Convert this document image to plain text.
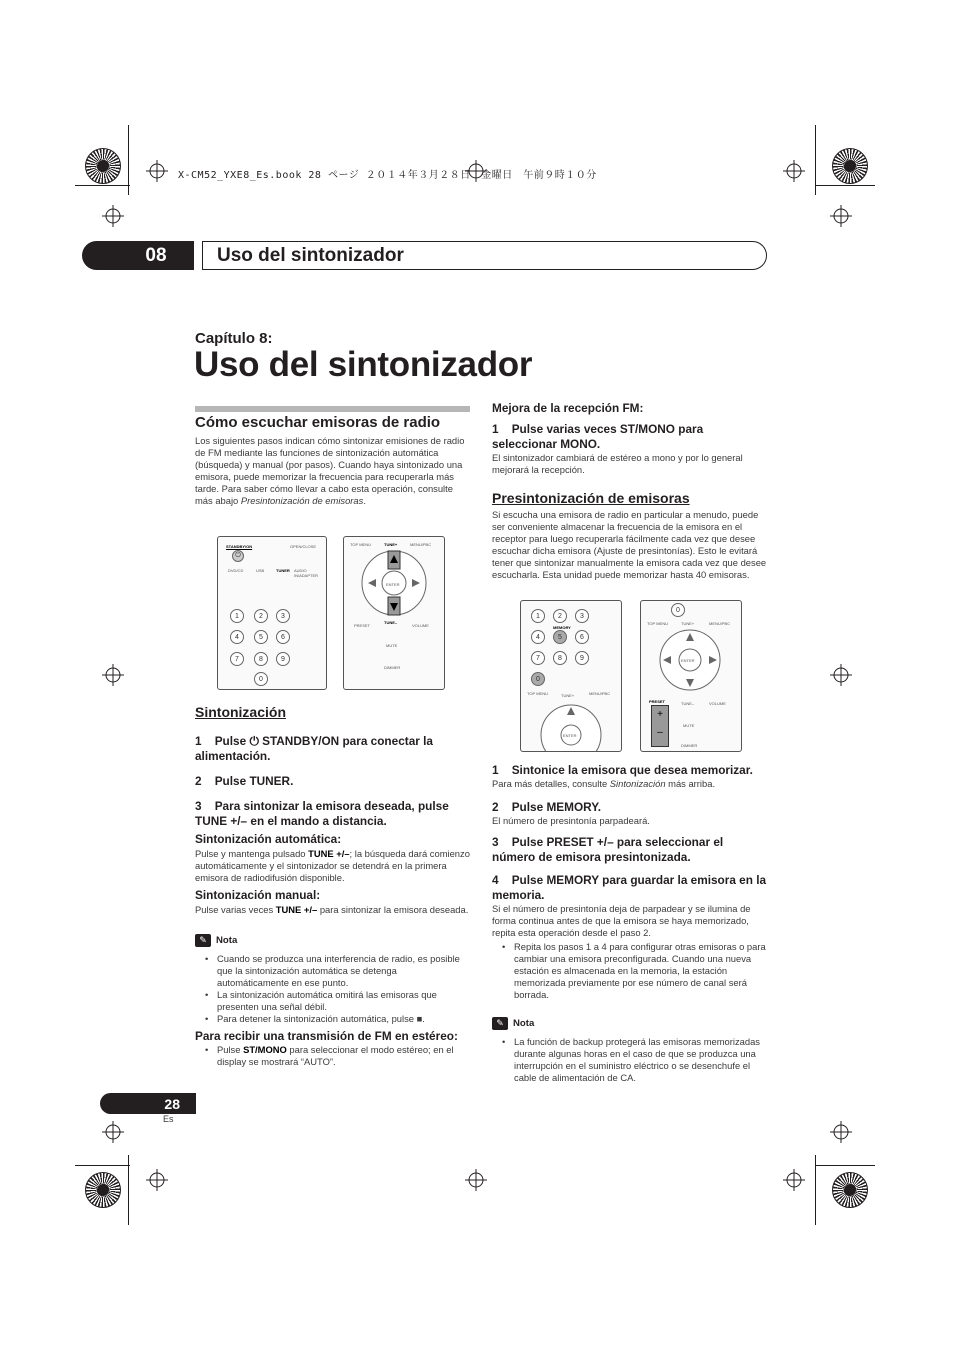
X-CM52_YXE8_Es.book 28 ページ ２０１４年３月２８日　金曜日　午前９時１０分
08	Uso del sintonizador
Capítulo 8:
Uso del sintonizador
Cómo escuchar emisoras de radio
Los siguientes pasos indican cómo sintonizar emisiones de radio de FM mediante las funciones de sintonización automática (búsqueda) y manual (por pasos). Cuando haya sintonizado una emisora, puede memorizar la frecuencia para recuperarla más tarde. Para saber cómo llevar a cabo esta operación, consulte más abajo Presintonización de emisoras.
STANDBY/ON	OPEN/CLOSE
⏻
DVD/CD	USB	TUNER AUDIO IN/ADAPTER
1	2	3
4	5	6
7	8	9
0
TOP MENU	TUNE+	MENU/PBC
ENTER
TUNE–
PRESET	VOLUME
MUTE
DIMMER
Sintonización
1 Pulse ⏻ STANDBY/ON para conectar la alimentación.
2 Pulse TUNER.
3 Para sintonizar la emisora deseada, pulse TUNE +/– en el mando a distancia.
Sintonización automática:
Pulse y mantenga pulsado TUNE +/–; la búsqueda dará comienzo automáticamente y el sintonizador se detendrá en la primera emisora de radiodifusión disponible.
Sintonización manual:
Pulse varias veces TUNE +/– para sintonizar la emisora deseada.
✎ Nota
• Cuando se produzca una interferencia de radio, es posible que la sintonización automática se detenga automáticamente en ese punto.
• La sintonización automática omitirá las emisoras que presenten una señal débil.
• Para detener la sintonización automática, pulse ■.
Para recibir una transmisión de FM en estéreo:
• Pulse ST/MONO para seleccionar el modo estéreo; en el display se mostrará “AUTO”.
Mejora de la recepción FM:
1 Pulse varias veces ST/MONO para seleccionar MONO.
El sintonizador cambiará de estéreo a mono y por lo general mejorará la recepción.
Presintonización de emisoras
Si escucha una emisora de radio en particular a menudo, puede ser conveniente almacenar la frecuencia de la emisora en el receptor para luego recuperarla fácilmente cada vez que desee escuchar dicha emisora (Ajuste de presintonías). Esto le evitará tener que sintonizar manualmente la emisora cada vez que desee escucharla. Esta unidad puede memorizar hasta 40 emisoras.
1	2	3
4	5
MEMORY
6
7	8	9
0
TOP MENU	TUNE+	MENU/PBC
ENTER
0
TOP MENU	TUNE+	MENU/PBC
ENTER
PRESET
+
–
TUNE–	VOLUME
MUTE
DIMMER
1 Sintonice la emisora que desea memorizar.
Para más detalles, consulte Sintonización más arriba.
2 Pulse MEMORY.
El número de presintonía parpadeará.
3 Pulse PRESET +/– para seleccionar el número de emisora presintonizada.
4 Pulse MEMORY para guardar la emisora en la memoria.
Si el número de presintonía deja de parpadear y se ilumina de forma continua antes de que la emisora se haya memorizado, repita esta operación desde el paso 2.
• Repita los pasos 1 a 4 para configurar otras emisoras o para cambiar una emisora preconfigurada. Cuando una nueva estación es almacenada en la memoria, la estación memorizada previamente por ese número de canal será borrada.
✎ Nota
• La función de backup protegerá las emisoras memorizadas durante algunas horas en el caso de que se produzca una interrupción en el suministro eléctrico o se desenchufe el cable de alimentación de CA.
28
Es
